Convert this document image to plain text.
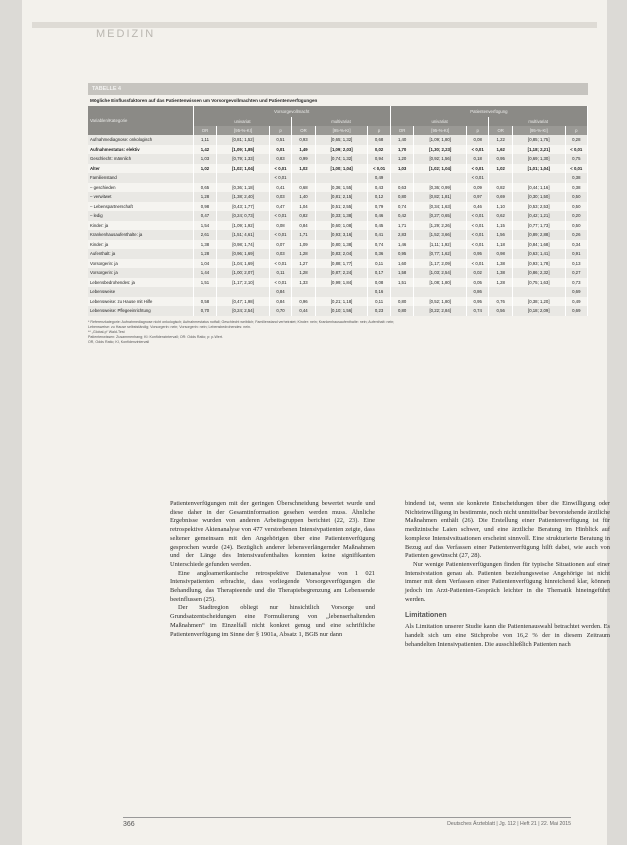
MEDIZIN
TABELLE 4
Mögliche Einflussfaktoren auf das Patientenwissen um Vorsorgevollmachten und Patientenverfügungen
Variablen/Kategorie	Vorsorgevollmacht						Patientenverfügung					
	univariat			multivariat			univariat			multivariat		
	OR	[95-%-KI]	p	OR	[95-%-KI]	p	OR	[95-%-KI]	p	OR	[95-%-KI]	p
Aufnahmediagnose: onkologisch	1,11	[0,81; 1,52]	0,51	0,93	[0,65; 1,32]	0,68	1,40	[1,09; 1,80]	0,08	1,22	[0,85; 1,75]	0,28
Aufnahmestatus: elektiv	1,42	[1,09; 1,85]	0,01	1,49	[1,09; 2,03]	0,02	1,70	[1,30; 2,23]	< 0,01	1,62	[1,18; 2,21]	< 0,01
Geschlecht: männlich	1,03	[0,79; 1,33]	0,83	0,99	[0,74; 1,32]	0,94	1,20	[0,92; 1,56]	0,18	0,95	[0,69; 1,30]	0,75
Alter	1,02	[1,02; 1,04]	< 0,01	1,02	[1,00; 1,04]	< 0,01	1,03	[1,02; 1,04]	< 0,01	1,02	[1,01; 1,04]	< 0,01
Familienstand			< 0,01			0,49			< 0,01			0,38
– geschieden	0,65	[0,36; 1,18]	0,41	0,68	[0,36; 1,55]	0,43	0,63	[0,36; 0,99]	0,09	0,82	[0,44; 1,16]	0,38
– verwitwet	1,28	[1,38; 2,40]	0,03	1,40	[0,81; 2,15]	0,12	0,80	[0,82; 1,81]	0,97	0,69	[0,30; 1,50]	0,50
– Lebenspartnerschaft	0,98	[0,43; 1,77]	0,47	1,04	[0,51; 2,55]	0,79	0,74	[0,34; 1,63]	0,46	1,10	[0,53; 2,53]	0,50
– ledig	0,47	[0,24; 0,73]	< 0,01	0,82	[0,33; 1,38]	0,46	0,42	[0,27; 0,65]	< 0,01	0,62	[0,42; 1,21]	0,20
Kinder: ja	1,54	[1,09; 1,92]	0,08	0,84	[0,60; 1,08]	0,45	1,71	[1,29; 2,26]	< 0,01	1,15	[0,77; 1,73]	0,50
Krankenhausaufenthalte: ja	2,61	[1,51; 4,61]	< 0,01	1,71	[0,93; 3,16]	0,41	2,83	[1,52; 3,66]	< 0,01	1,56	[0,89; 2,88]	0,26
Kinder: ja	1,38	[0,98; 1,74]	0,07	1,09	[0,80; 1,38]	0,74	1,46	[1,11; 1,92]	< 0,01	1,18	[0,84; 1,68]	0,34
Aufenthalt: ja	1,28	[0,96; 1,69]	0,03	1,28	[0,83; 2,04]	0,36	0,95	[0,77; 1,62]	0,95	0,98	[0,63; 1,41]	0,91
Vorsorgerin: ja	1,04	[1,04; 1,69]	< 0,01	1,27	[0,88; 1,77]	0,11	1,60	[1,17; 2,09]	< 0,01	1,38	[0,93; 1,78]	0,13
Vorsorgerin: ja	1,44	[1,00; 2,07]	0,11	1,28	[0,87; 2,24]	0,17	1,58	[1,03; 2,54]	0,02	1,38	[0,86; 2,32]	0,27
Lebensbedrohendes: ja	1,51	[1,17; 2,10]	< 0,01	1,33	[0,99; 1,84]	0,08	1,51	[1,08; 1,80]	0,05	1,28	[0,75; 1,63]	0,73
Lebensweise			0,84			0,16			0,86			0,69
Lebensweise: zu Hause mit Hilfe	0,58	[0,47; 1,98]	0,84	0,96	[0,21; 1,18]	0,11	0,80	[0,52; 1,80]	0,95	0,76	[0,38; 1,20]	0,49
Lebensweise: Pflegeeinrichtung	0,70	[0,24; 2,54]	0,70	0,44	[0,10; 1,56]	0,23	0,80	[0,22; 2,84]	0,74	0,56	[0,18; 2,09]	0,69
* Referenzkategorie: Aufnahmediagnose nicht onkologisch; Aufnahmestatus notfall; Geschlecht weiblich; Familienstand verheiratet; Kinder: nein; Krankenhausaufenthalte: nein; Aufenthalt: nein;
Lebensweise: zu Hause selbstständig; Vorsorgerin: nein; Vorsorgerin: nein; Lebensbedrohendes: nein.
** „Global-p“ Wald-Test
Patientenwissen: Zusammenhang; KI: Konfidenzintervall; OR: Odds Ratio; p: p-Wert.
OR, Odds Ratio; KI, Konfidenzintervall

Patientenverfügungen mit der geringen Überschneidung bewertet wurde und diese daher in der Gesamtinformation gesehen werden muss. Ähnliche Ergebnisse wurden von anderen Arbeitsgruppen berichtet (22, 23). Eine retrospektive Aktenanalyse von 477 verstorbenen Intensivpatienten zeigte, dass seltener gemeinsam mit den Angehörigen über eine Patientenverfügung gesprochen wurde (24). Bezüglich anderer lebensverlängernder Maßnahmen und der Länge des Intensivaufenthaltes konnten keine signifikanten Unterschiede gefunden werden.

Eine angloamerikanische retrospektive Datenanalyse von 1 021 Intensivpatienten erbrachte, dass vorliegende Vorsorgeverfügungen die Behandlung, das Therapieende und die Therapiebegrenzung am Lebensende beeinflussen (25).

Der Stadtregion obliegt nur hinsichtlich Vorsorge und Grundsatzentscheidungen eine Formulierung von „lebenserhaltenden Maßnahmen“ im Einzelfall nicht konkret genug und eine schriftliche Patientenverfügung im Sinne der § 1901a, Absatz 1, BGB nur dann

bindend ist, wenn sie konkrete Entscheidungen über die Einwilligung oder Nichteinwilligung in bestimmte, noch nicht unmittelbar bevorstehende ärztliche Maßnahmen enthält (26). Die Erstellung einer Patientenverfügung ist für medizinische Laien schwer, und eine ärztliche Beratung im Hinblick auf komplexe Intensivsituationen erscheint sinnvoll. Eine strukturierte Beratung in Bezug auf das Verfassen einer Patientenverfügung hilft dabei, wie auch von Patienten gewünscht (27, 28).

Nur wenige Patientenverfügungen finden für typische Situationen auf einer Intensivstation genau ab. Patienten beziehungsweise Angehörige ist nicht immer mit dem Verfassen einer Patientenverfügung hinreichend klar, können jedoch im Arzt-Patienten-Gespräch leichter in die Thematik hineingeführt werden.

Limitationen

Als Limitation unserer Studie kann die Patientenauswahl betrachtet werden. Es handelt sich um eine Stichprobe von 16,2 % der in diesem Zeitraum behandelten Intensivpatienten. Die ausschließlich Patienten nach

366	Deutsches Ärzteblatt | Jg. 112 | Heft 21 | 22. Mai 2015
